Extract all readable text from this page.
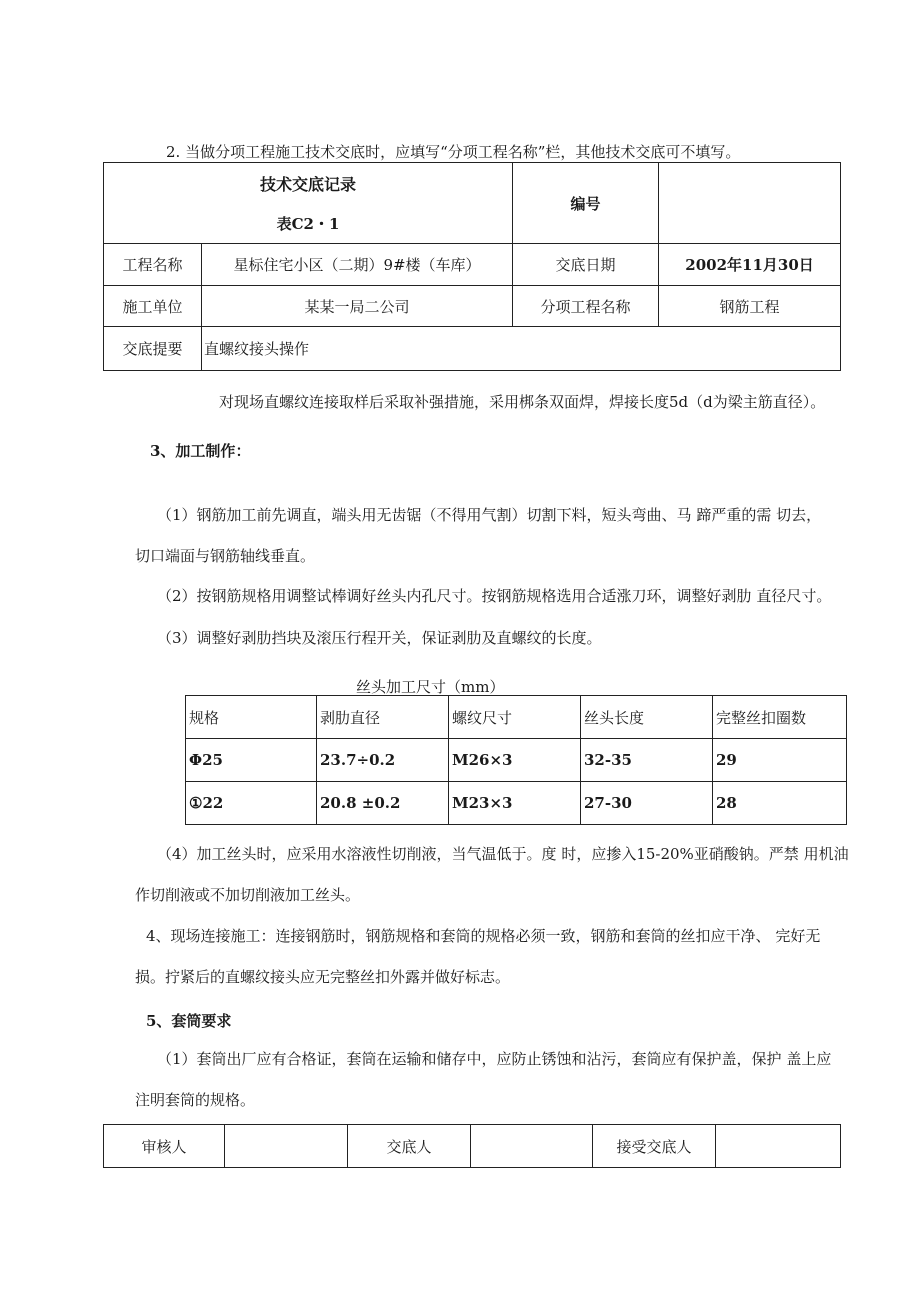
2. 当做分项工程施工技术交底时，应填写“分项工程名称”栏，其他技术交底可不填写。
技术交底记录
表C2・1		编号	
工程名称	星标住宅小区（二期）9#楼（车库）	交底日期	2002年11月30日
施工单位	某某一局二公司	分项工程名称	钢筋工程
交底提要	直螺纹接头操作		
对现场直螺纹连接取样后采取补强措施，采用梆条双面焊，焊接长度5d（d为梁主筋直径）。
3、加工制作：
（1）钢筋加工前先调直，端头用无齿锯（不得用气割）切割下料，短头弯曲、马 蹄严重的需 切去，
切口端面与钢筋轴线垂直。
（2）按钢筋规格用调整试棒调好丝头内孔尺寸。按钢筋规格选用合适涨刀环，调整好剥肋 直径尺寸。
（3）调整好剥肋挡块及滚压行程开关，保证剥肋及直螺纹的长度。
丝头加工尺寸（mm）
规格	剥肋直径	螺纹尺寸	丝头长度	完整丝扣圈数
Φ25	23.7÷0.2	M26×3	32-35	29
①22	20.8 ±0.2	M23×3	27-30	28
（4）加工丝头时，应采用水溶液性切削液，当气温低于。度 时，应掺入15-20%亚硝酸钠。严禁 用机油
作切削液或不加切削液加工丝头。
4、现场连接施工：连接钢筋时，钢筋规格和套筒的规格必须一致，钢筋和套筒的丝扣应干净、 完好无
损。拧紧后的直螺纹接头应无完整丝扣外露并做好标志。
5、套筒要求
（1）套筒出厂应有合格证，套筒在运输和储存中，应防止锈蚀和沾污，套筒应有保护盖，保护 盖上应
注明套筒的规格。
审核人		交底人		接受交底人	
